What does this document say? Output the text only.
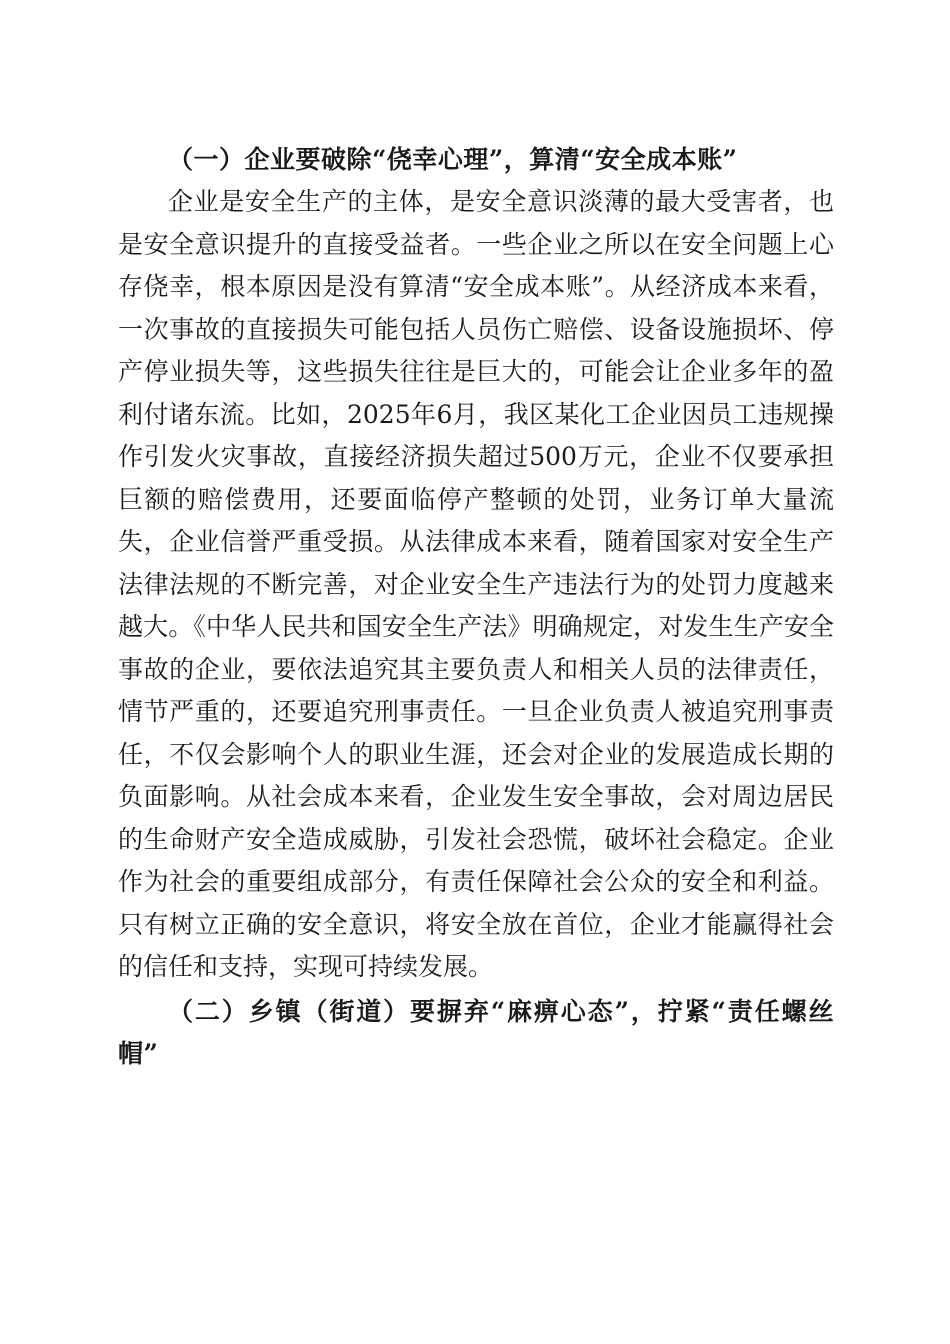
（一）企业要破除“侥幸心理”，算清“安全成本账”

企业是安全生产的主体，是安全意识淡薄的最大受害者，也是安全意识提升的直接受益者。一些企业之所以在安全问题上心存侥幸，根本原因是没有算清“安全成本账”。从经济成本来看，一次事故的直接损失可能包括人员伤亡赔偿、设备设施损坏、停产停业损失等，这些损失往往是巨大的，可能会让企业多年的盈利付诸东流。比如，2025年6月，我区某化工企业因员工违规操作引发火灾事故，直接经济损失超过500万元，企业不仅要承担巨额的赔偿费用，还要面临停产整顿的处罚，业务订单大量流失，企业信誉严重受损。从法律成本来看，随着国家对安全生产法律法规的不断完善，对企业安全生产违法行为的处罚力度越来越大。《中华人民共和国安全生产法》明确规定，对发生生产安全事故的企业，要依法追究其主要负责人和相关人员的法律责任，情节严重的，还要追究刑事责任。一旦企业负责人被追究刑事责任，不仅会影响个人的职业生涯，还会对企业的发展造成长期的负面影响。从社会成本来看，企业发生安全事故，会对周边居民的生命财产安全造成威胁，引发社会恐慌，破坏社会稳定。企业作为社会的重要组成部分，有责任保障社会公众的安全和利益。只有树立正确的安全意识，将安全放在首位，企业才能赢得社会的信任和支持，实现可持续发展。

（二）乡镇（街道）要摒弃“麻痹心态”，拧紧“责任螺丝帽”
